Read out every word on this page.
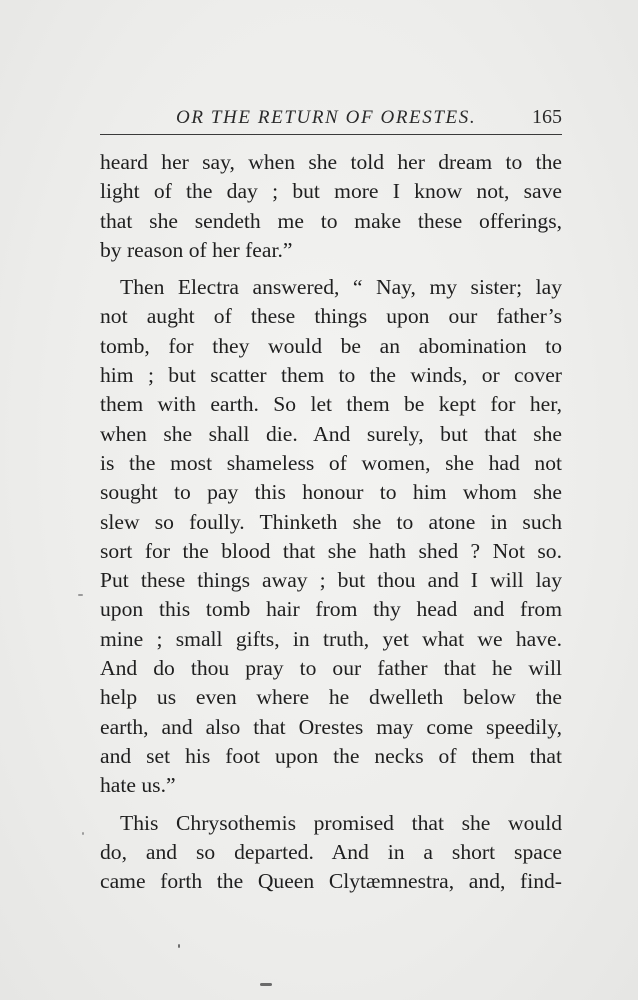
OR THE RETURN OF ORESTES.	165
heard her say, when she told her dream to the
light of the day ; but more I know not, save
that she sendeth me to make these offerings,
by reason of her fear.”
Then Electra answered, “ Nay, my sister; lay
not aught of these things upon our father’s
tomb, for they would be an abomination to
him ; but scatter them to the winds, or cover
them with earth. So let them be kept for her,
when she shall die. And surely, but that she
is the most shameless of women, she had not
sought to pay this honour to him whom she
slew so foully. Thinketh she to atone in such
sort for the blood that she hath shed ? Not so.
Put these things away ; but thou and I will lay
upon this tomb hair from thy head and from
mine ; small gifts, in truth, yet what we have.
And do thou pray to our father that he will
help us even where he dwelleth below the
earth, and also that Orestes may come speedily,
and set his foot upon the necks of them that
hate us.”
This Chrysothemis promised that she would
do, and so departed. And in a short space
came forth the Queen Clytæmnestra, and, find-
